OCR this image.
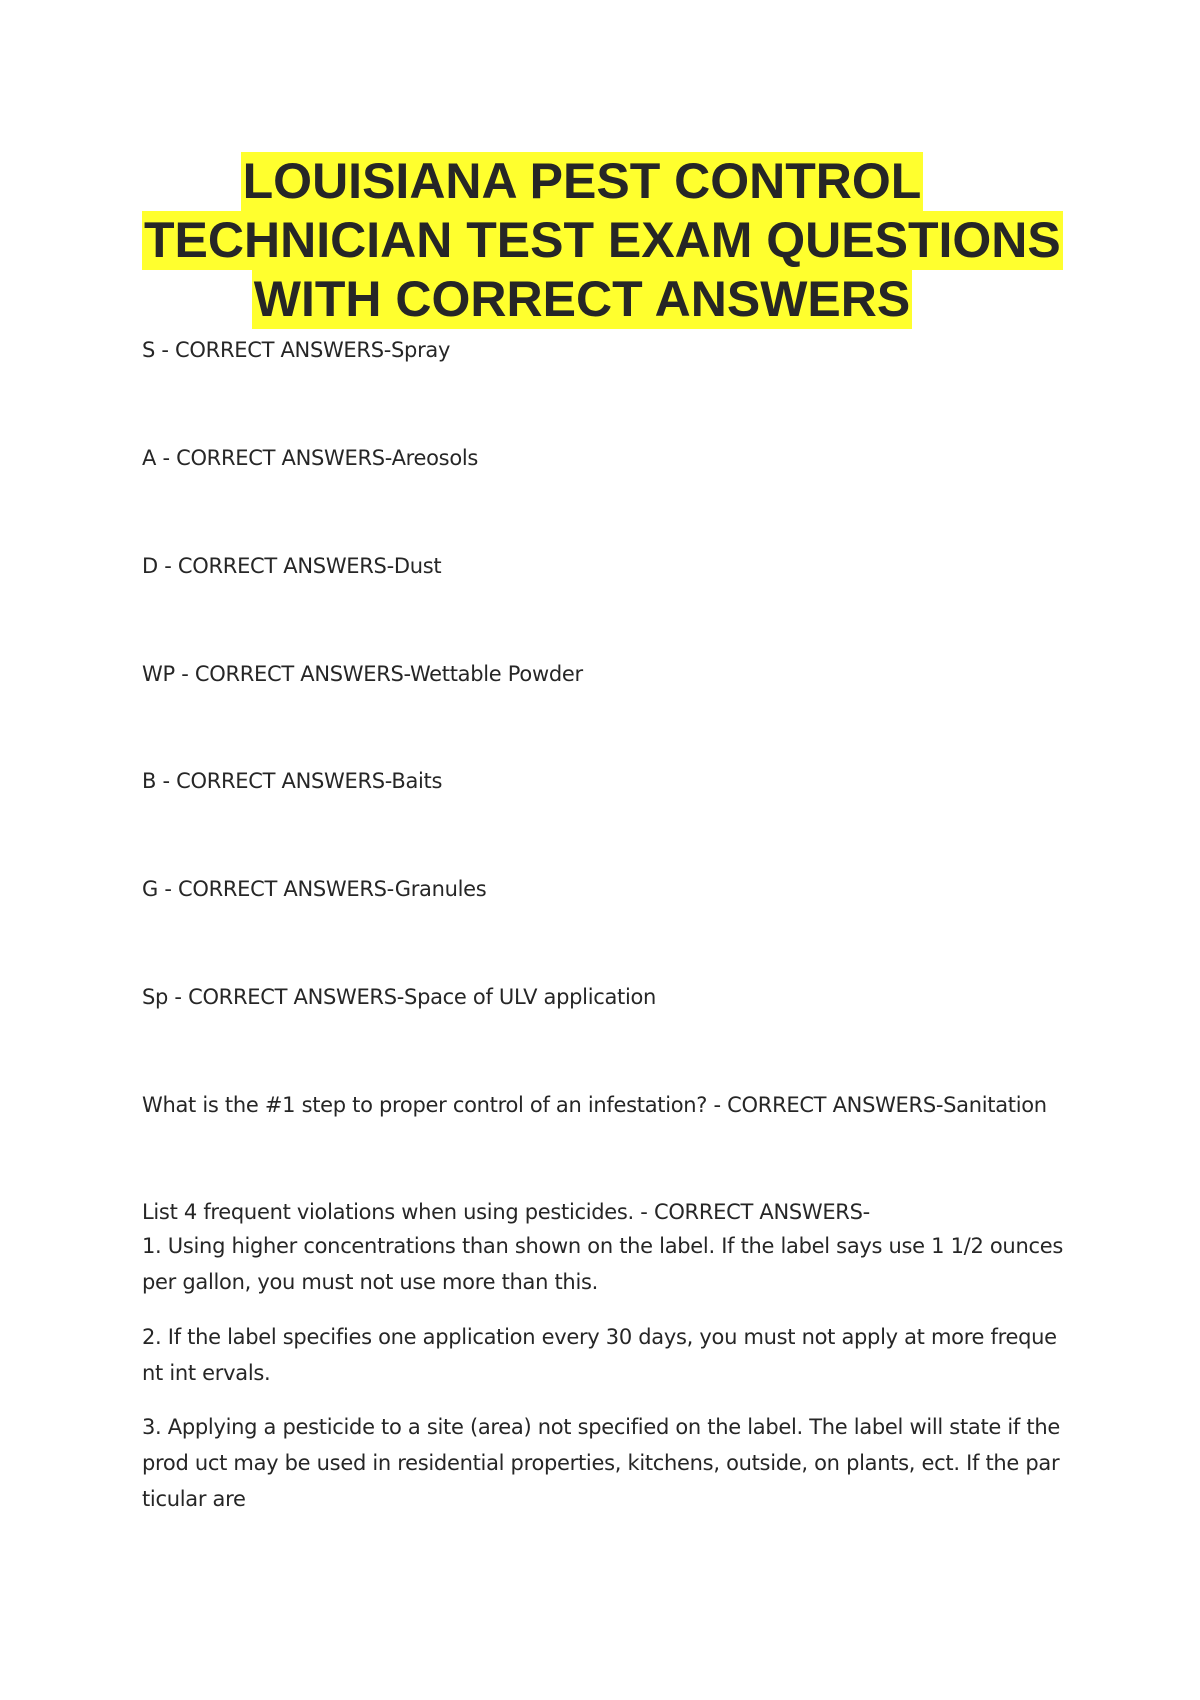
LOUISIANA PEST CONTROL
TECHNICIAN TEST EXAM QUESTIONS
WITH CORRECT ANSWERS
S - CORRECT ANSWERS-Spray
A - CORRECT ANSWERS-Areosols
D - CORRECT ANSWERS-Dust
WP - CORRECT ANSWERS-Wettable Powder
B - CORRECT ANSWERS-Baits
G - CORRECT ANSWERS-Granules
Sp - CORRECT ANSWERS-Space of ULV application
What is the #1 step to proper control of an infestation? - CORRECT ANSWERS-Sanitation
List 4 frequent violations when using pesticides. - CORRECT ANSWERS-
1. Using higher concentrations than shown on the label. If the label says use 1 1/2 ounces per gallon, you must not use more than this.
2. If the label specifies one application every 30 days, you must not apply at more frequent int ervals.
3. Applying a pesticide to a site (area) not specified on the label. The label will state if the prod uct may be used in residential properties, kitchens, outside, on plants, ect. If the particular are
